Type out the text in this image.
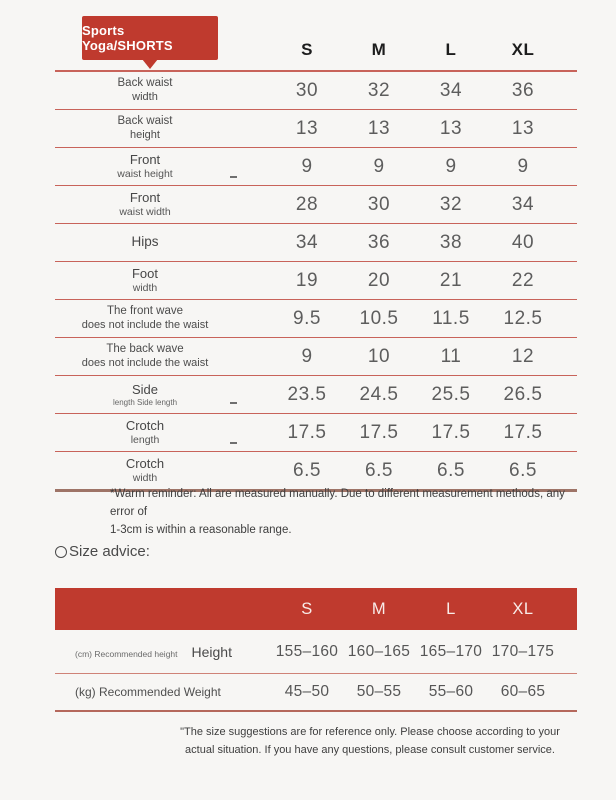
Sports Yoga/SHORTS	S	M	L	XL
Back waist
width	30	32	34	36
Back waist
height	13	13	13	13
Front
waist height	9	9	9	9
Front
waist width	28	30	32	34
Hips	34	36	38	40
Foot
width	19	20	21	22
The front wave
does not include the waist	9.5	10.5	11.5	12.5
The back wave
does not include the waist	9	10	11	12
Side
length Side length	23.5	24.5	25.5	26.5
Crotch
length	17.5	17.5	17.5	17.5
Crotch
width	6.5	6.5	6.5	6.5
*Warm reminder: All are measured manually. Due to different measurement methods, any error of
1-3cm is within a reasonable range.
Size advice:
S	M	L	XL
(cm) Recommended height Height	155–160 160–165 165–170 170–175
(kg) Recommended Weight	45–50	50–55	55–60	60–65
"The size suggestions are for reference only. Please choose according to your
actual situation. If you have any questions, please consult customer service.
